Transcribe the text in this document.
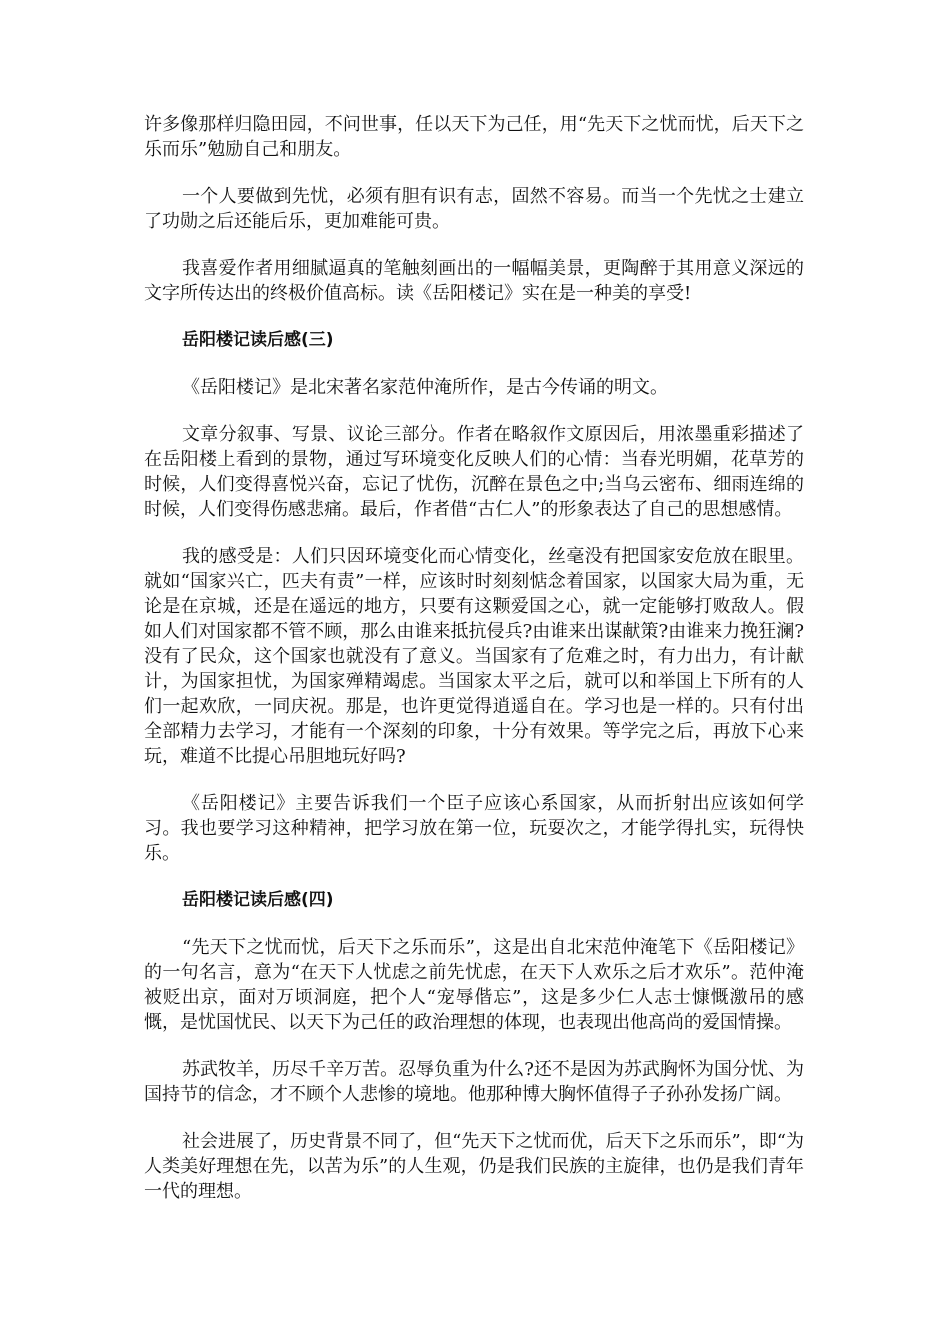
许多像那样归隐田园，不问世事，任以天下为己任，用“先天下之忧而忧，后天下之乐而乐”勉励自己和朋友。

一个人要做到先忧，必须有胆有识有志，固然不容易。而当一个先忧之士建立了功勋之后还能后乐，更加难能可贵。

我喜爱作者用细腻逼真的笔触刻画出的一幅幅美景，更陶醉于其用意义深远的文字所传达出的终极价值高标。读《岳阳楼记》实在是一种美的享受!

岳阳楼记读后感(三)

《岳阳楼记》是北宋著名家范仲淹所作，是古今传诵的明文。

文章分叙事、写景、议论三部分。作者在略叙作文原因后，用浓墨重彩描述了在岳阳楼上看到的景物，通过写环境变化反映人们的心情：当春光明媚，花草芳的时候，人们变得喜悦兴奋，忘记了忧伤，沉醉在景色之中;当乌云密布、细雨连绵的时候，人们变得伤感悲痛。最后，作者借“古仁人”的形象表达了自己的思想感情。

我的感受是：人们只因环境变化而心情变化，丝毫没有把国家安危放在眼里。就如“国家兴亡，匹夫有责”一样，应该时时刻刻惦念着国家，以国家大局为重，无论是在京城，还是在遥远的地方，只要有这颗爱国之心，就一定能够打败敌人。假如人们对国家都不管不顾，那么由谁来抵抗侵兵?由谁来出谋献策?由谁来力挽狂澜?没有了民众，这个国家也就没有了意义。当国家有了危难之时，有力出力，有计献计，为国家担忧，为国家殚精竭虑。当国家太平之后，就可以和举国上下所有的人们一起欢欣，一同庆祝。那是，也许更觉得逍遥自在。学习也是一样的。只有付出全部精力去学习，才能有一个深刻的印象，十分有效果。等学完之后，再放下心来玩，难道不比提心吊胆地玩好吗?

《岳阳楼记》主要告诉我们一个臣子应该心系国家，从而折射出应该如何学习。我也要学习这种精神，把学习放在第一位，玩耍次之，才能学得扎实，玩得快乐。

岳阳楼记读后感(四)

“先天下之忧而忧，后天下之乐而乐”，这是出自北宋范仲淹笔下《岳阳楼记》的一句名言，意为“在天下人忧虑之前先忧虑，在天下人欢乐之后才欢乐”。范仲淹被贬出京，面对万顷洞庭，把个人“宠辱偕忘”，这是多少仁人志士慷慨激吊的感慨，是忧国忧民、以天下为己任的政治理想的体现，也表现出他高尚的爱国情操。

苏武牧羊，历尽千辛万苦。忍辱负重为什么?还不是因为苏武胸怀为国分忧、为国持节的信念，才不顾个人悲惨的境地。他那种博大胸怀值得子子孙孙发扬广阔。

社会进展了，历史背景不同了，但“先天下之忧而优，后天下之乐而乐”，即“为人类美好理想在先，以苦为乐”的人生观，仍是我们民族的主旋律，也仍是我们青年一代的理想。
